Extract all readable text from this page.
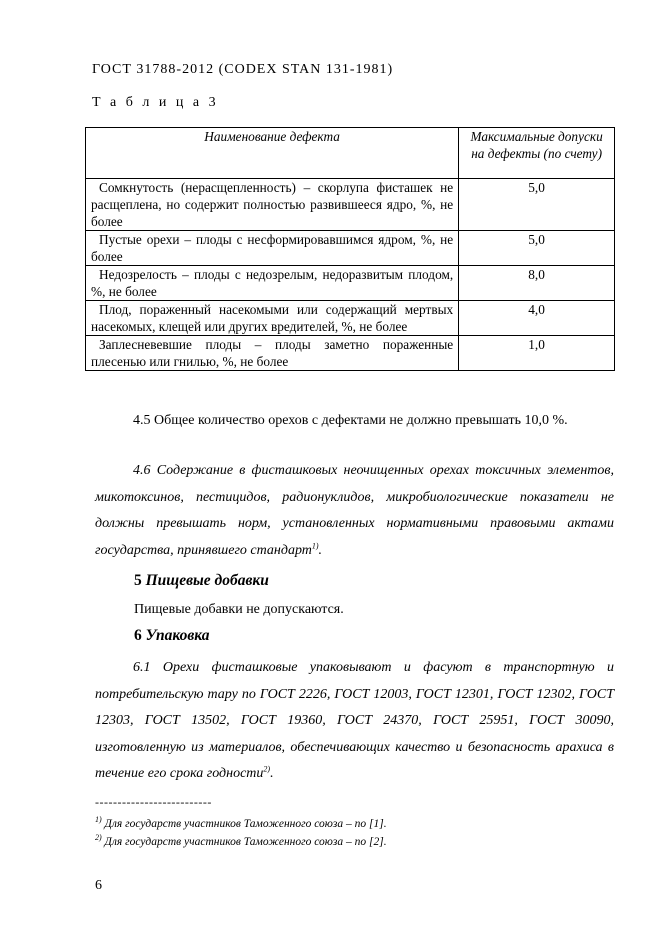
ГОСТ 31788-2012 (CODEX STAN 131-1981)
Т а б л и ц а 3
Наименование дефекта	Максимальные допуски на дефекты (по счету)
Сомкнутость (нерасщепленность) – скорлупа фисташек не расщеплена, но содержит полностью развившееся ядро, %, не более	5,0
Пустые орехи – плоды с несформировавшимся ядром, %, не более	5,0
Недозрелость – плоды с недозрелым, недоразвитым плодом, %, не более	8,0
Плод, пораженный насекомыми или содержащий мертвых насекомых, клещей или других вредителей, %, не более	4,0
Заплесневевшие плоды – плоды заметно пораженные плесенью или гнилью, %, не более	1,0
4.5 Общее количество орехов с дефектами не должно превышать 10,0 %.
4.6 Содержание в фисташковых неочищенных орехах токсичных элементов, микотоксинов, пестицидов, радионуклидов, микробиологические показатели не должны превышать норм, установленных нормативными правовыми актами государства, принявшего стандарт$^{1)}$.
5 Пищевые добавки
Пищевые добавки не допускаются.
6 Упаковка
6.1 Орехи фисташковые упаковывают и фасуют в транспортную и потребительскую тару по ГОСТ 2226, ГОСТ 12003, ГОСТ 12301, ГОСТ 12302, ГОСТ 12303, ГОСТ 13502, ГОСТ 19360, ГОСТ 24370, ГОСТ 25951, ГОСТ 30090, изготовленную из материалов, обеспечивающих качество и безопасность арахиса в течение его срока годности$^{2)}$.
--------------------------
$^{1)}$ Для государств участников Таможенного союза – по [1].
$^{2)}$ Для государств участников Таможенного союза – по [2].
6
